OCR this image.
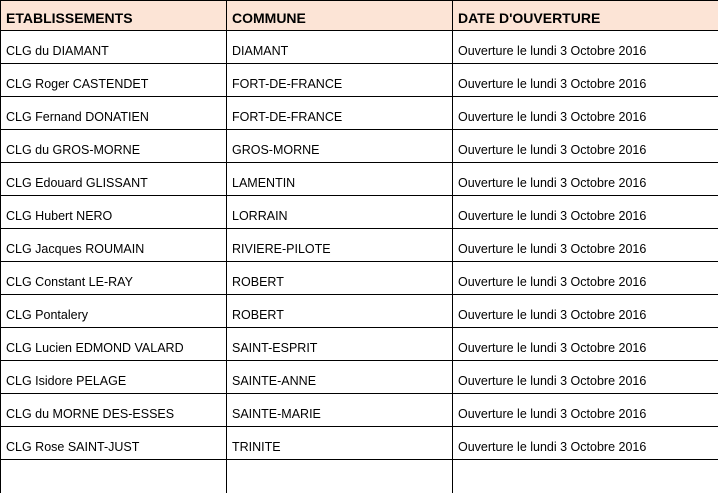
ETABLISSEMENTS	COMMUNE	DATE D'OUVERTURE
CLG du DIAMANT	DIAMANT	Ouverture le lundi 3 Octobre 2016
CLG Roger CASTENDET	FORT-DE-FRANCE	Ouverture le lundi 3 Octobre 2016
CLG Fernand DONATIEN	FORT-DE-FRANCE	Ouverture le lundi 3 Octobre 2016
CLG du GROS-MORNE	GROS-MORNE	Ouverture le lundi 3 Octobre 2016
CLG Edouard GLISSANT	LAMENTIN	Ouverture le lundi 3 Octobre 2016
CLG Hubert NERO	LORRAIN	Ouverture le lundi 3 Octobre 2016
CLG Jacques ROUMAIN	RIVIERE-PILOTE	Ouverture le lundi 3 Octobre 2016
CLG Constant LE-RAY	ROBERT	Ouverture le lundi 3 Octobre 2016
CLG Pontalery	ROBERT	Ouverture le lundi 3 Octobre 2016
CLG Lucien EDMOND VALARD	SAINT-ESPRIT	Ouverture le lundi 3 Octobre 2016
CLG Isidore PELAGE	SAINTE-ANNE	Ouverture le lundi 3 Octobre 2016
CLG du MORNE DES-ESSES	SAINTE-MARIE	Ouverture le lundi 3 Octobre 2016
CLG Rose SAINT-JUST	TRINITE	Ouverture le lundi 3 Octobre 2016
